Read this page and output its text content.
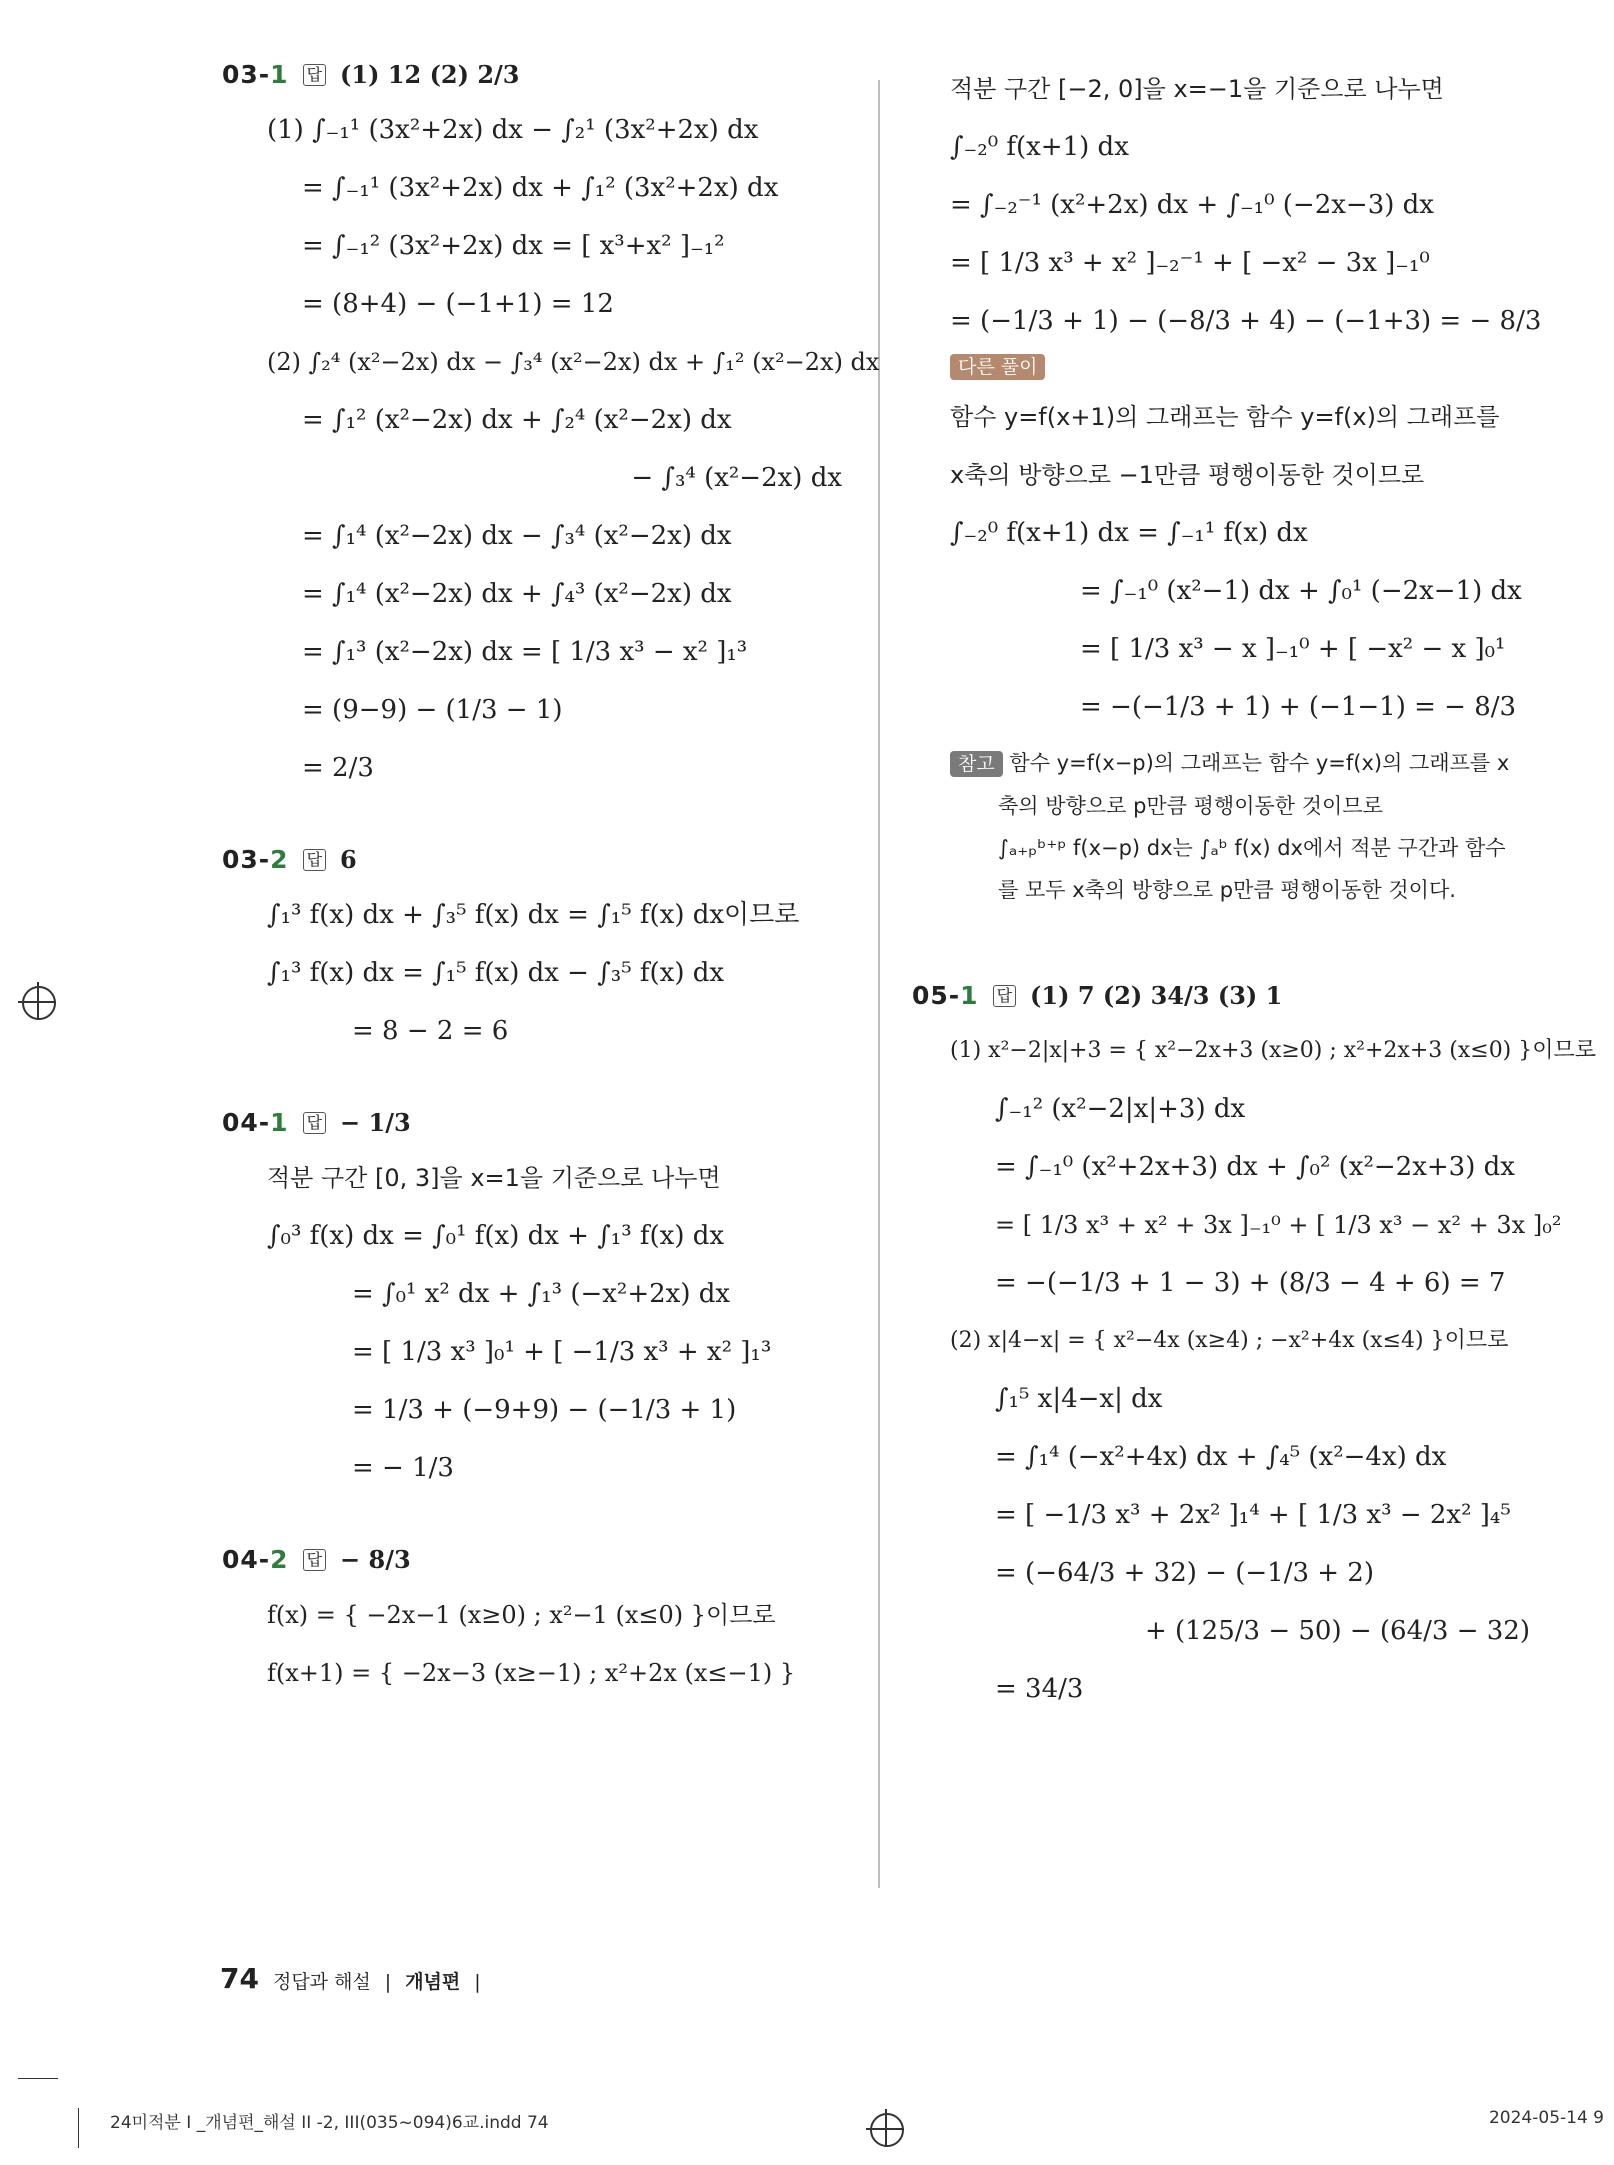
03-1 답 (1) 12 (2) 2/3
(1) ∫₋₁¹ (3x²+2x) dx − ∫₂¹ (3x²+2x) dx
= ∫₋₁¹ (3x²+2x) dx + ∫₁² (3x²+2x) dx
= ∫₋₁² (3x²+2x) dx = [ x³+x² ]₋₁²
= (8+4) − (−1+1) = 12
(2) ∫₂⁴ (x²−2x) dx − ∫₃⁴ (x²−2x) dx + ∫₁² (x²−2x) dx
= ∫₁² (x²−2x) dx + ∫₂⁴ (x²−2x) dx
− ∫₃⁴ (x²−2x) dx
= ∫₁⁴ (x²−2x) dx − ∫₃⁴ (x²−2x) dx
= ∫₁⁴ (x²−2x) dx + ∫₄³ (x²−2x) dx
= ∫₁³ (x²−2x) dx = [ 1/3 x³ − x² ]₁³
= (9−9) − (1/3 − 1)
= 2/3
03-2 답 6
∫₁³ f(x) dx + ∫₃⁵ f(x) dx = ∫₁⁵ f(x) dx이므로
∫₁³ f(x) dx = ∫₁⁵ f(x) dx − ∫₃⁵ f(x) dx
= 8 − 2 = 6
04-1 답 − 1/3
적분 구간 [0, 3]을 x=1을 기준으로 나누면
∫₀³ f(x) dx = ∫₀¹ f(x) dx + ∫₁³ f(x) dx
= ∫₀¹ x² dx + ∫₁³ (−x²+2x) dx
= [ 1/3 x³ ]₀¹ + [ −1/3 x³ + x² ]₁³
= 1/3 + (−9+9) − (−1/3 + 1)
= − 1/3
04-2 답 − 8/3
f(x) = { −2x−1 (x≥0) ; x²−1 (x≤0) }이므로
f(x+1) = { −2x−3 (x≥−1) ; x²+2x (x≤−1) }
적분 구간 [−2, 0]을 x=−1을 기준으로 나누면
∫₋₂⁰ f(x+1) dx
= ∫₋₂⁻¹ (x²+2x) dx + ∫₋₁⁰ (−2x−3) dx
= [ 1/3 x³ + x² ]₋₂⁻¹ + [ −x² − 3x ]₋₁⁰
= (−1/3 + 1) − (−8/3 + 4) − (−1+3) = − 8/3
다른 풀이
함수 y=f(x+1)의 그래프는 함수 y=f(x)의 그래프를
x축의 방향으로 −1만큼 평행이동한 것이므로
∫₋₂⁰ f(x+1) dx = ∫₋₁¹ f(x) dx
= ∫₋₁⁰ (x²−1) dx + ∫₀¹ (−2x−1) dx
= [ 1/3 x³ − x ]₋₁⁰ + [ −x² − x ]₀¹
= −(−1/3 + 1) + (−1−1) = − 8/3
참고 함수 y=f(x−p)의 그래프는 함수 y=f(x)의 그래프를 x
축의 방향으로 p만큼 평행이동한 것이므로
∫ₐ₊ₚᵇ⁺ᵖ f(x−p) dx는 ∫ₐᵇ f(x) dx에서 적분 구간과 함수
를 모두 x축의 방향으로 p만큼 평행이동한 것이다.
05-1 답 (1) 7 (2) 34/3 (3) 1
(1) x²−2|x|+3 = { x²−2x+3 (x≥0) ; x²+2x+3 (x≤0) }이므로
∫₋₁² (x²−2|x|+3) dx
= ∫₋₁⁰ (x²+2x+3) dx + ∫₀² (x²−2x+3) dx
= [ 1/3 x³ + x² + 3x ]₋₁⁰ + [ 1/3 x³ − x² + 3x ]₀²
= −(−1/3 + 1 − 3) + (8/3 − 4 + 6) = 7
(2) x|4−x| = { x²−4x (x≥4) ; −x²+4x (x≤4) }이므로
∫₁⁵ x|4−x| dx
= ∫₁⁴ (−x²+4x) dx + ∫₄⁵ (x²−4x) dx
= [ −1/3 x³ + 2x² ]₁⁴ + [ 1/3 x³ − 2x² ]₄⁵
= (−64/3 + 32) − (−1/3 + 2)
+ (125/3 − 50) − (64/3 − 32)
= 34/3
74 정답과 해설 | 개념편 |
24미적분 I _개념편_해설 II -2, III(035~094)6교.indd 74	2024-05-14 9
